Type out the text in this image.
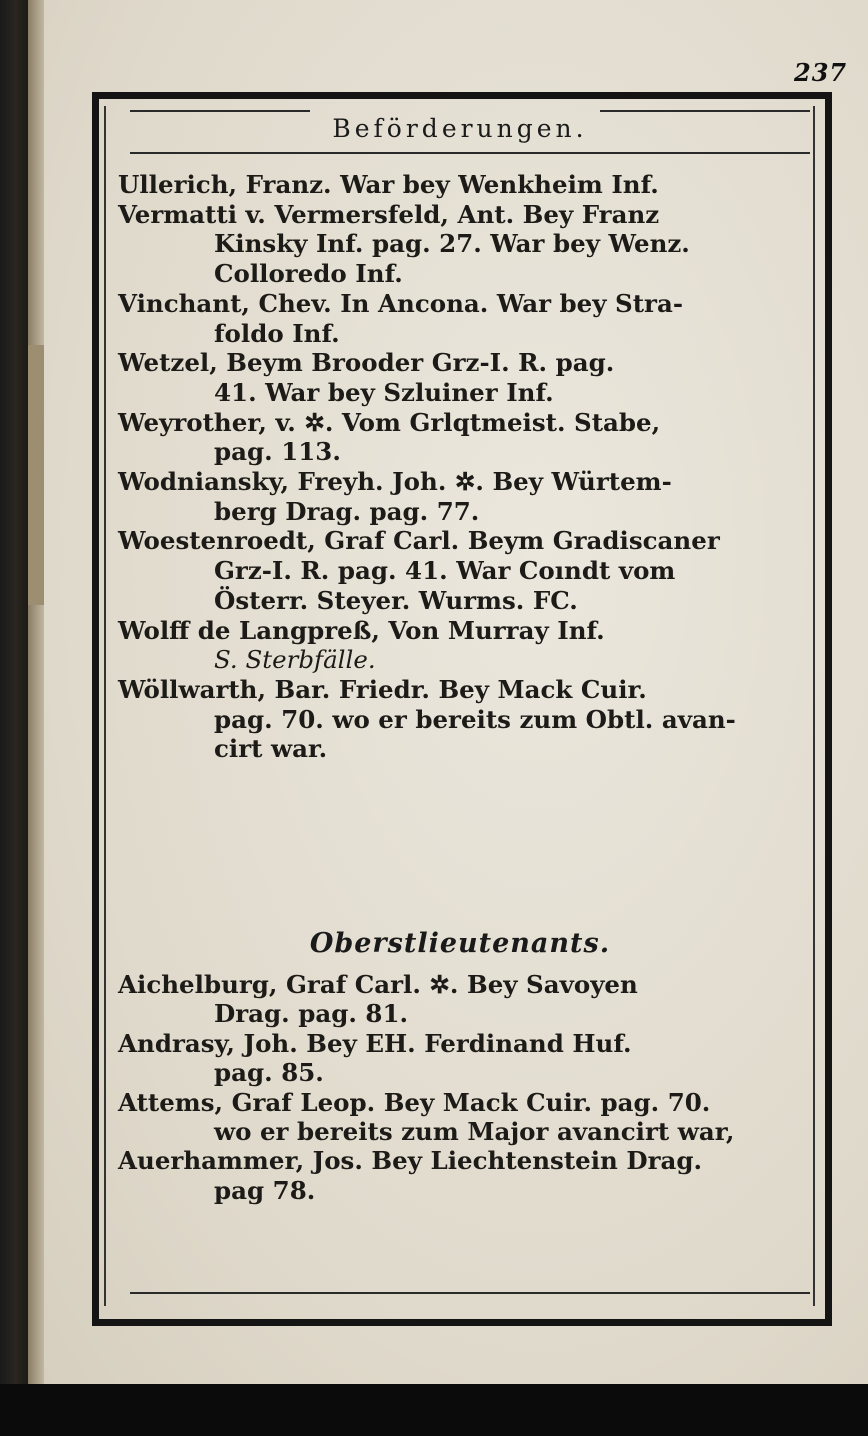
237
Beförderungen.
Ullerich, Franz. War bey Wenkheim Inf.
Vermatti v. Vermersfeld, Ant. Bey Franz
Kinsky Inf. pag. 27. War bey Wenz.
Colloredo Inf.
Vinchant, Chev. In Ancona. War bey Stra-
foldo Inf.
Wetzel, Beym Brooder Grz-I. R. pag.
41. War bey Szluiner Inf.
Weyrother, v. ✲. Vom Grlqtmeist. Stabe,
pag. 113.
Wodniansky, Freyh. Joh. ✲. Bey Würtem-
berg Drag. pag. 77.
Woestenroedt, Graf Carl. Beym Gradiscaner
Grz-I. R. pag. 41. War Coındt vom
Österr. Steyer. Wurms. FC.
Wolff de Langpreß, Von Murray Inf.
S. Sterbfälle.
Wöllwarth, Bar. Friedr. Bey Mack Cuir.
pag. 70. wo er bereits zum Obtl. avan-
cirt war.
Oberstlieutenants.
Aichelburg, Graf Carl. ✲. Bey Savoyen
Drag. pag. 81.
Andrasy, Joh. Bey EH. Ferdinand Huf.
pag. 85.
Attems, Graf Leop. Bey Mack Cuir. pag. 70.
wo er bereits zum Major avancirt war,
Auerhammer, Jos. Bey Liechtenstein Drag.
pag 78.
